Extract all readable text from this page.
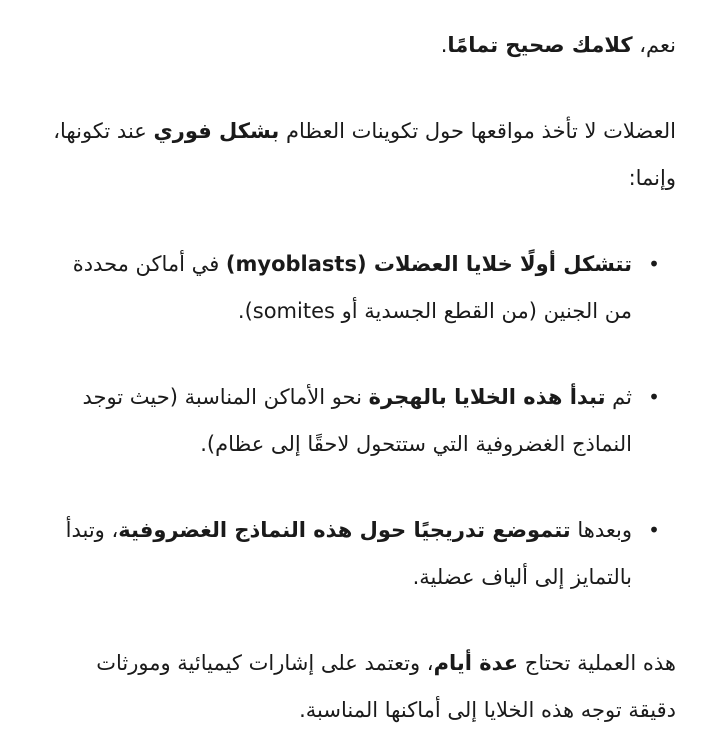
نعم، كلامك صحيح تمامًا.

العضلات لا تأخذ مواقعها حول تكوينات العظام بشكل فوري عند تكونها، وإنما:

•
تتشكل أولًا خلايا العضلات (myoblasts) في أماكن محددة من الجنين (من القطع الجسدية أو somites).
•
ثم تبدأ هذه الخلايا بالهجرة نحو الأماكن المناسبة (حيث توجد النماذج الغضروفية التي ستتحول لاحقًا إلى عظام).
•
وبعدها تتموضع تدريجيًا حول هذه النماذج الغضروفية، وتبدأ بالتمايز إلى ألياف عضلية.

هذه العملية تحتاج عدة أيام، وتعتمد على إشارات كيميائية ومورثات دقيقة توجه هذه الخلايا إلى أماكنها المناسبة.
